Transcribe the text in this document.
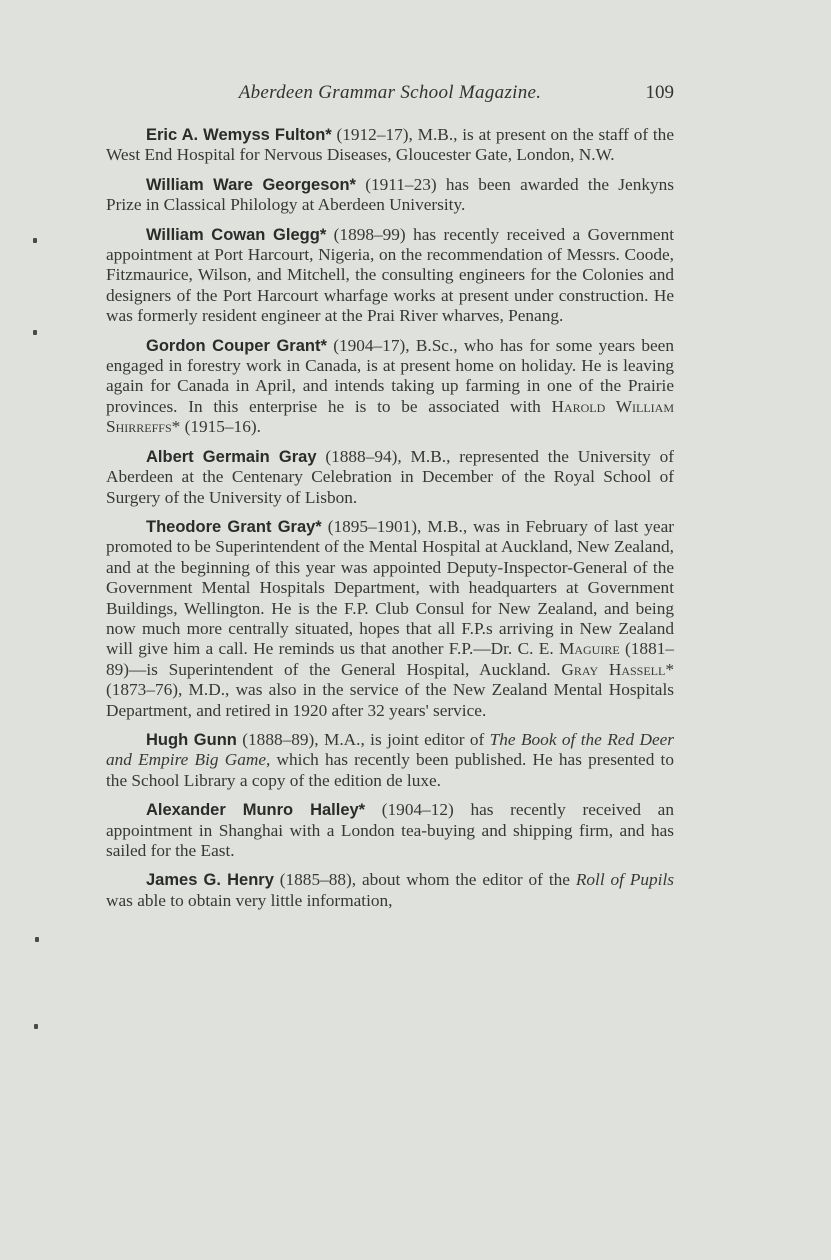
Aberdeen Grammar School Magazine.	109

Eric A. Wemyss Fulton* (1912–17), M.B., is at present on the staff of the West End Hospital for Nervous Diseases, Gloucester Gate, London, N.W.

William Ware Georgeson* (1911–23) has been awarded the Jenkyns Prize in Classical Philology at Aberdeen University.

William Cowan Glegg* (1898–99) has recently received a Government appointment at Port Harcourt, Nigeria, on the recommendation of Messrs. Coode, Fitzmaurice, Wilson, and Mitchell, the consulting engineers for the Colonies and designers of the Port Harcourt wharfage works at present under construction. He was formerly resident engineer at the Prai River wharves, Penang.

Gordon Couper Grant* (1904–17), B.Sc., who has for some years been engaged in forestry work in Canada, is at present home on holiday. He is leaving again for Canada in April, and intends taking up farming in one of the Prairie provinces. In this enterprise he is to be associated with Harold William Shirreffs* (1915–16).

Albert Germain Gray (1888–94), M.B., represented the University of Aberdeen at the Centenary Celebration in December of the Royal School of Surgery of the University of Lisbon.

Theodore Grant Gray* (1895–1901), M.B., was in February of last year promoted to be Superintendent of the Mental Hospital at Auckland, New Zealand, and at the beginning of this year was appointed Deputy-Inspector-General of the Government Mental Hospitals Department, with headquarters at Government Buildings, Wellington. He is the F.P. Club Consul for New Zealand, and being now much more centrally situated, hopes that all F.P.s arriving in New Zealand will give him a call. He reminds us that another F.P.—Dr. C. E. Maguire (1881–89)—is Superintendent of the General Hospital, Auckland. Gray Hassell* (1873–76), M.D., was also in the service of the New Zealand Mental Hospitals Department, and retired in 1920 after 32 years' service.

Hugh Gunn (1888–89), M.A., is joint editor of The Book of the Red Deer and Empire Big Game, which has recently been published. He has presented to the School Library a copy of the edition de luxe.

Alexander Munro Halley* (1904–12) has recently received an appointment in Shanghai with a London tea-buying and shipping firm, and has sailed for the East.

James G. Henry (1885–88), about whom the editor of the Roll of Pupils was able to obtain very little information,
